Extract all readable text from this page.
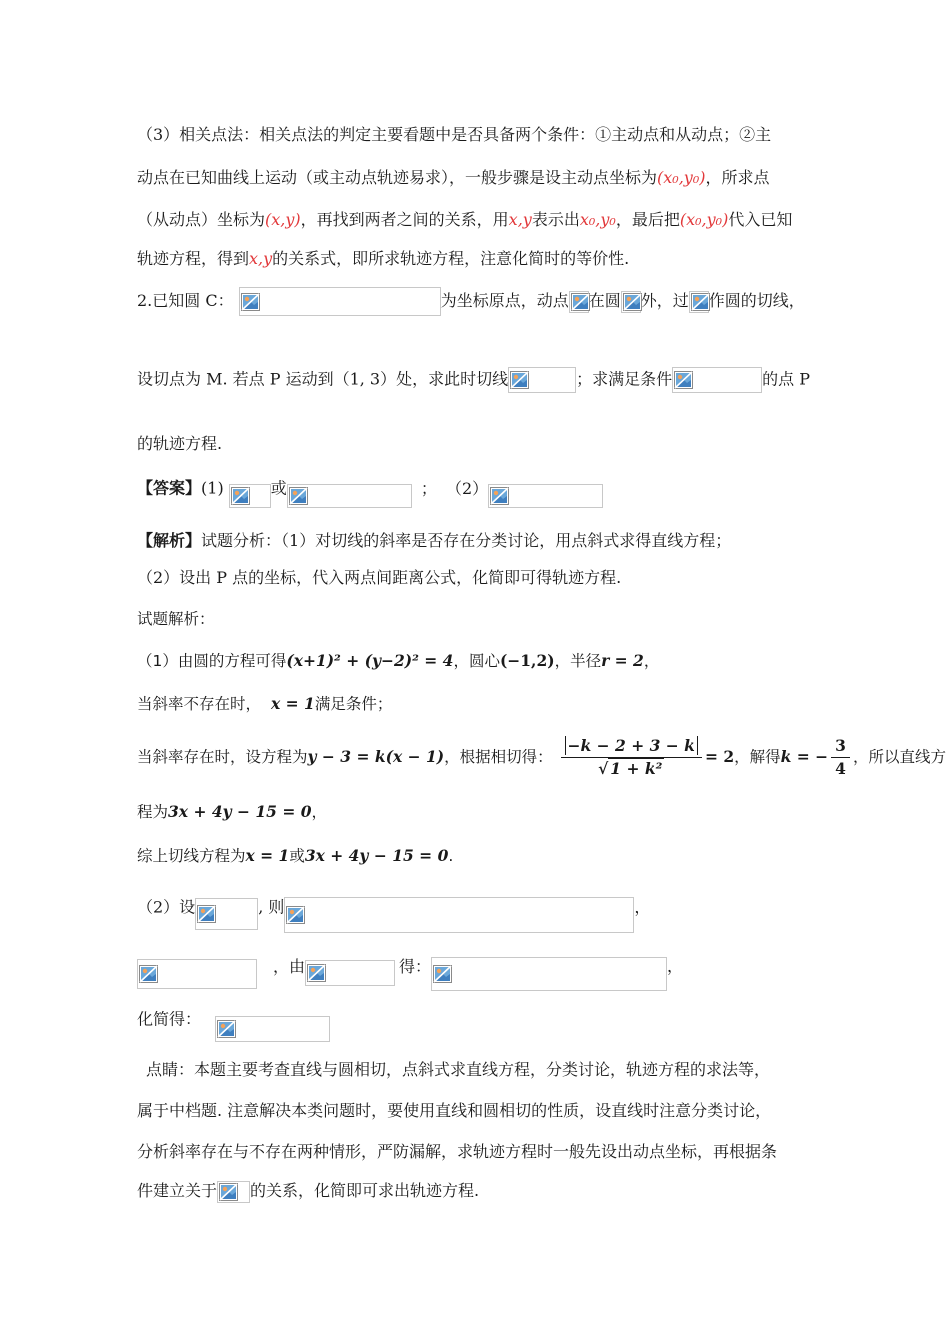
（3）相关点法：相关点法的判定主要看题中是否具备两个条件：①主动点和从动点；②主
动点在已知曲线上运动（或主动点轨迹易求），一般步骤是设主动点坐标为(x₀,y₀)，所求点
（从动点）坐标为(x,y)，再找到两者之间的关系，用x,y表示出x₀,y₀，最后把(x₀,y₀)代入已知
轨迹方程，得到x,y的关系式，即所求轨迹方程，注意化简时的等价性.
2.已知圆 C：	为坐标原点，动点 在圆 外，过 作圆的切线，
设切点为 M. 若点 P 运动到（1, 3）处，求此时切线	；求满足条件	的点 P
的轨迹方程.
【答案】(1)	或	； （2）
【解析】试题分析：（1）对切线的斜率是否存在分类讨论，用点斜式求得直线方程；
（2）设出 P 点的坐标，代入两点间距离公式，化简即可得轨迹方程.
试题解析：
（1）由圆的方程可得(x+1)² + (y−2)² = 4，圆心(−1,2)，半径r = 2，
当斜率不存在时， x = 1满足条件；
当斜率存在时，设方程为y − 3 = k(x − 1)，根据相切得： $\frac{-k - 2 + 3 - k}{\text{√ 1 + k²}} = 2$，解得k = − $\frac{3}{4}$ ，所以直线方
程为3x + 4y − 15 = 0，
综上切线方程为x = 1或3x + 4y − 15 = 0.
（2）设	, 则	，
，由	得：	，
化简得：
点睛：本题主要考查直线与圆相切，点斜式求直线方程，分类讨论，轨迹方程的求法等，
属于中档题. 注意解决本类问题时，要使用直线和圆相切的性质，设直线时注意分类讨论，
分析斜率存在与不存在两种情形，严防漏解，求轨迹方程时一般先设出动点坐标，再根据条
件建立关于 的关系，化简即可求出轨迹方程.
